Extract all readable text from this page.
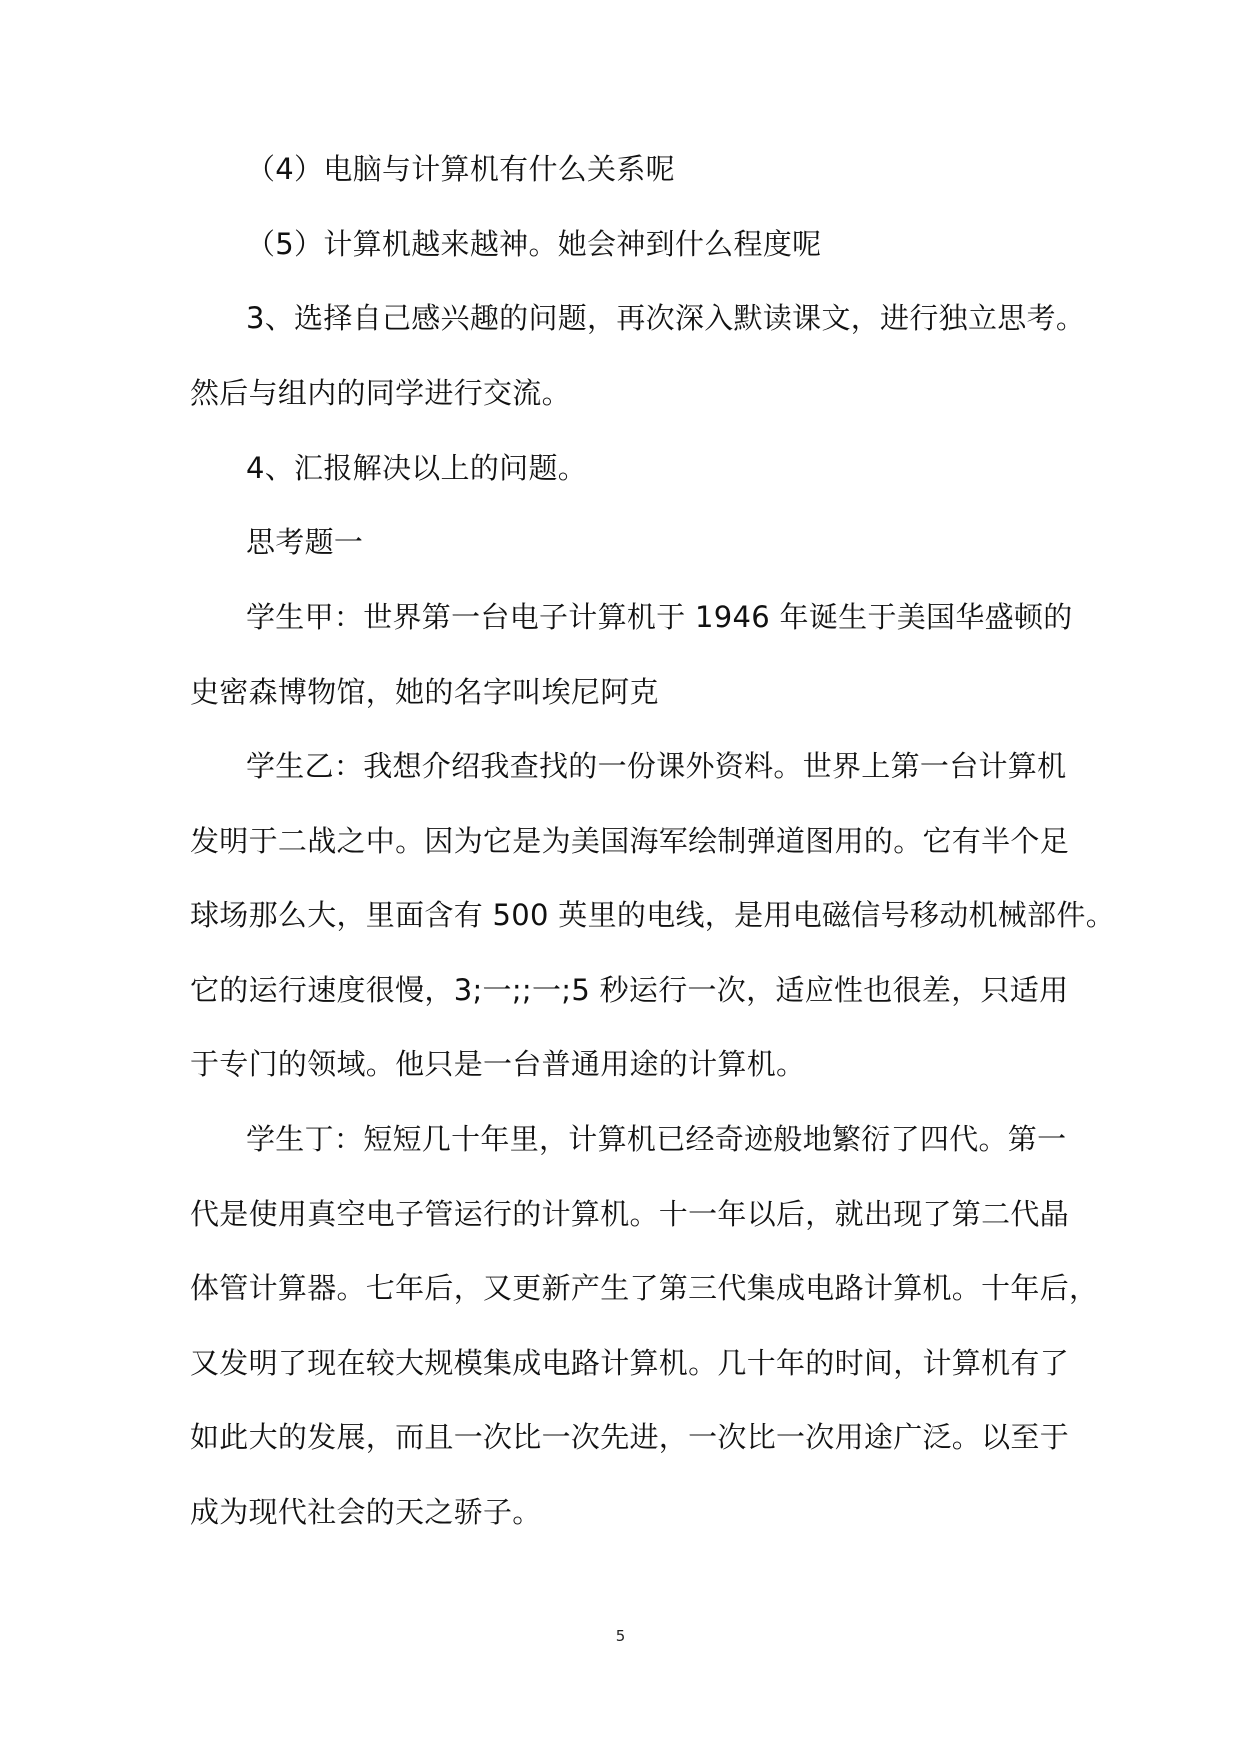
（4）电脑与计算机有什么关系呢
（5）计算机越来越神。她会神到什么程度呢
3、选择自己感兴趣的问题，再次深入默读课文，进行独立思考。
然后与组内的同学进行交流。
4、汇报解决以上的问题。
思考题一
学生甲：世界第一台电子计算机于 1946 年诞生于美国华盛顿的
史密森博物馆，她的名字叫埃尼阿克
学生乙：我想介绍我查找的一份课外资料。世界上第一台计算机
发明于二战之中。因为它是为美国海军绘制弹道图用的。它有半个足
球场那么大，里面含有 500 英里的电线，是用电磁信号移动机械部件。
它的运行速度很慢，3;一;;一;5 秒运行一次，适应性也很差，只适用
于专门的领域。他只是一台普通用途的计算机。
学生丁：短短几十年里，计算机已经奇迹般地繁衍了四代。第一
代是使用真空电子管运行的计算机。十一年以后，就出现了第二代晶
体管计算器。七年后，又更新产生了第三代集成电路计算机。十年后，
又发明了现在较大规模集成电路计算机。几十年的时间，计算机有了
如此大的发展，而且一次比一次先进，一次比一次用途广泛。以至于
成为现代社会的天之骄子。
5
